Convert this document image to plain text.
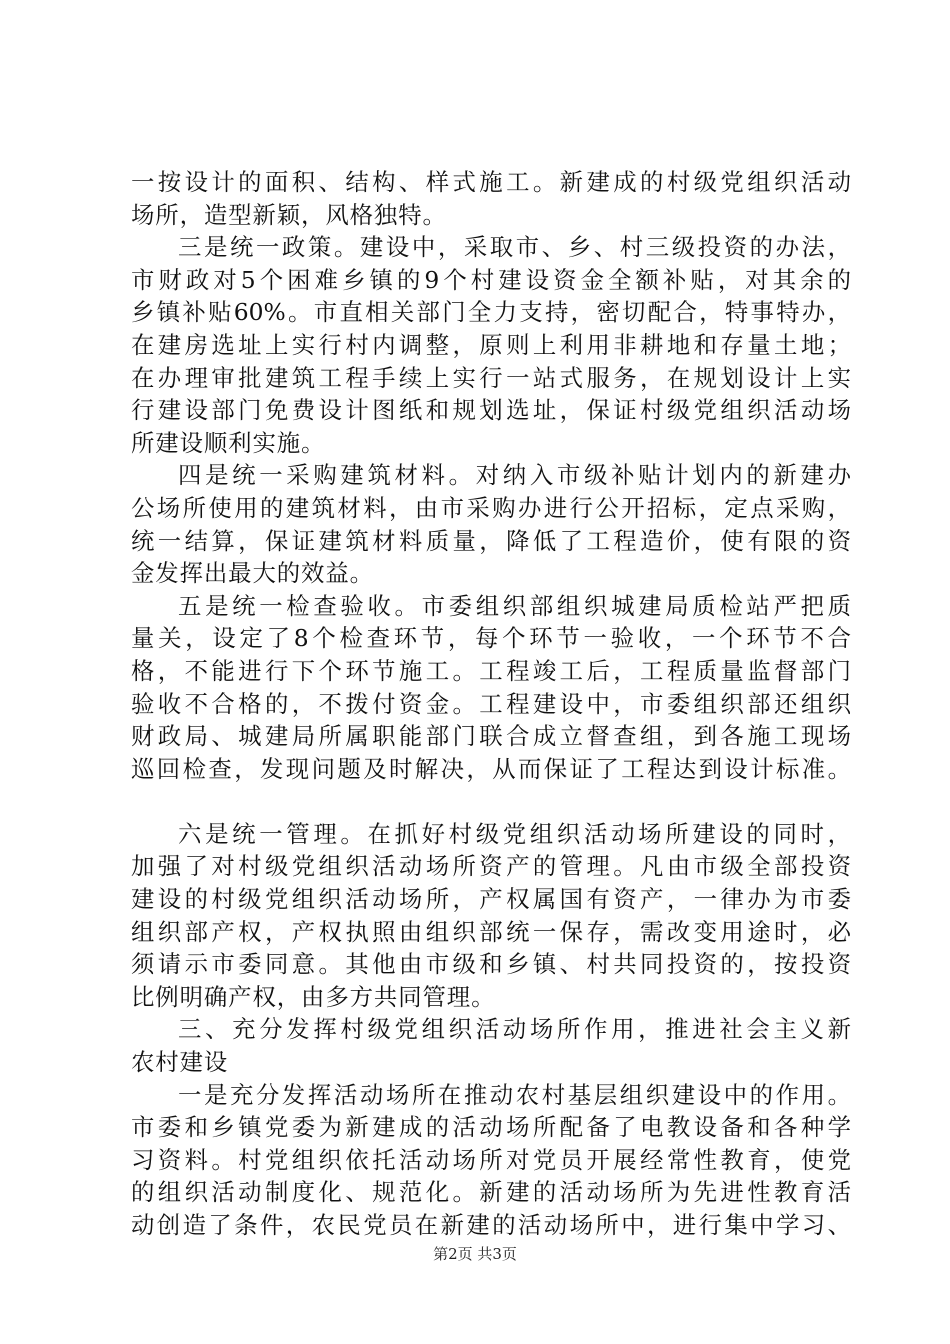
一按设计的面积、结构、样式施工。新建成的村级党组织活动
场所，造型新颖，风格独特。
三是统一政策。建设中，采取市、乡、村三级投资的办法，
市财政对5个困难乡镇的9个村建设资金全额补贴，对其余的
乡镇补贴60%。市直相关部门全力支持，密切配合，特事特办，
在建房选址上实行村内调整，原则上利用非耕地和存量土地；
在办理审批建筑工程手续上实行一站式服务，在规划设计上实
行建设部门免费设计图纸和规划选址，保证村级党组织活动场
所建设顺利实施。
四是统一采购建筑材料。对纳入市级补贴计划内的新建办
公场所使用的建筑材料，由市采购办进行公开招标，定点采购，
统一结算，保证建筑材料质量，降低了工程造价，使有限的资
金发挥出最大的效益。
五是统一检查验收。市委组织部组织城建局质检站严把质
量关，设定了8个检查环节，每个环节一验收，一个环节不合
格，不能进行下个环节施工。工程竣工后，工程质量监督部门
验收不合格的，不拨付资金。工程建设中，市委组织部还组织
财政局、城建局所属职能部门联合成立督查组，到各施工现场
巡回检查，发现问题及时解决，从而保证了工程达到设计标准。
六是统一管理。在抓好村级党组织活动场所建设的同时，
加强了对村级党组织活动场所资产的管理。凡由市级全部投资
建设的村级党组织活动场所，产权属国有资产，一律办为市委
组织部产权，产权执照由组织部统一保存，需改变用途时，必
须请示市委同意。其他由市级和乡镇、村共同投资的，按投资
比例明确产权，由多方共同管理。
三、充分发挥村级党组织活动场所作用，推进社会主义新
农村建设
一是充分发挥活动场所在推动农村基层组织建设中的作用。
市委和乡镇党委为新建成的活动场所配备了电教设备和各种学
习资料。村党组织依托活动场所对党员开展经常性教育，使党
的组织活动制度化、规范化。新建的活动场所为先进性教育活
动创造了条件，农民党员在新建的活动场所中，进行集中学习、
第2页 共3页
